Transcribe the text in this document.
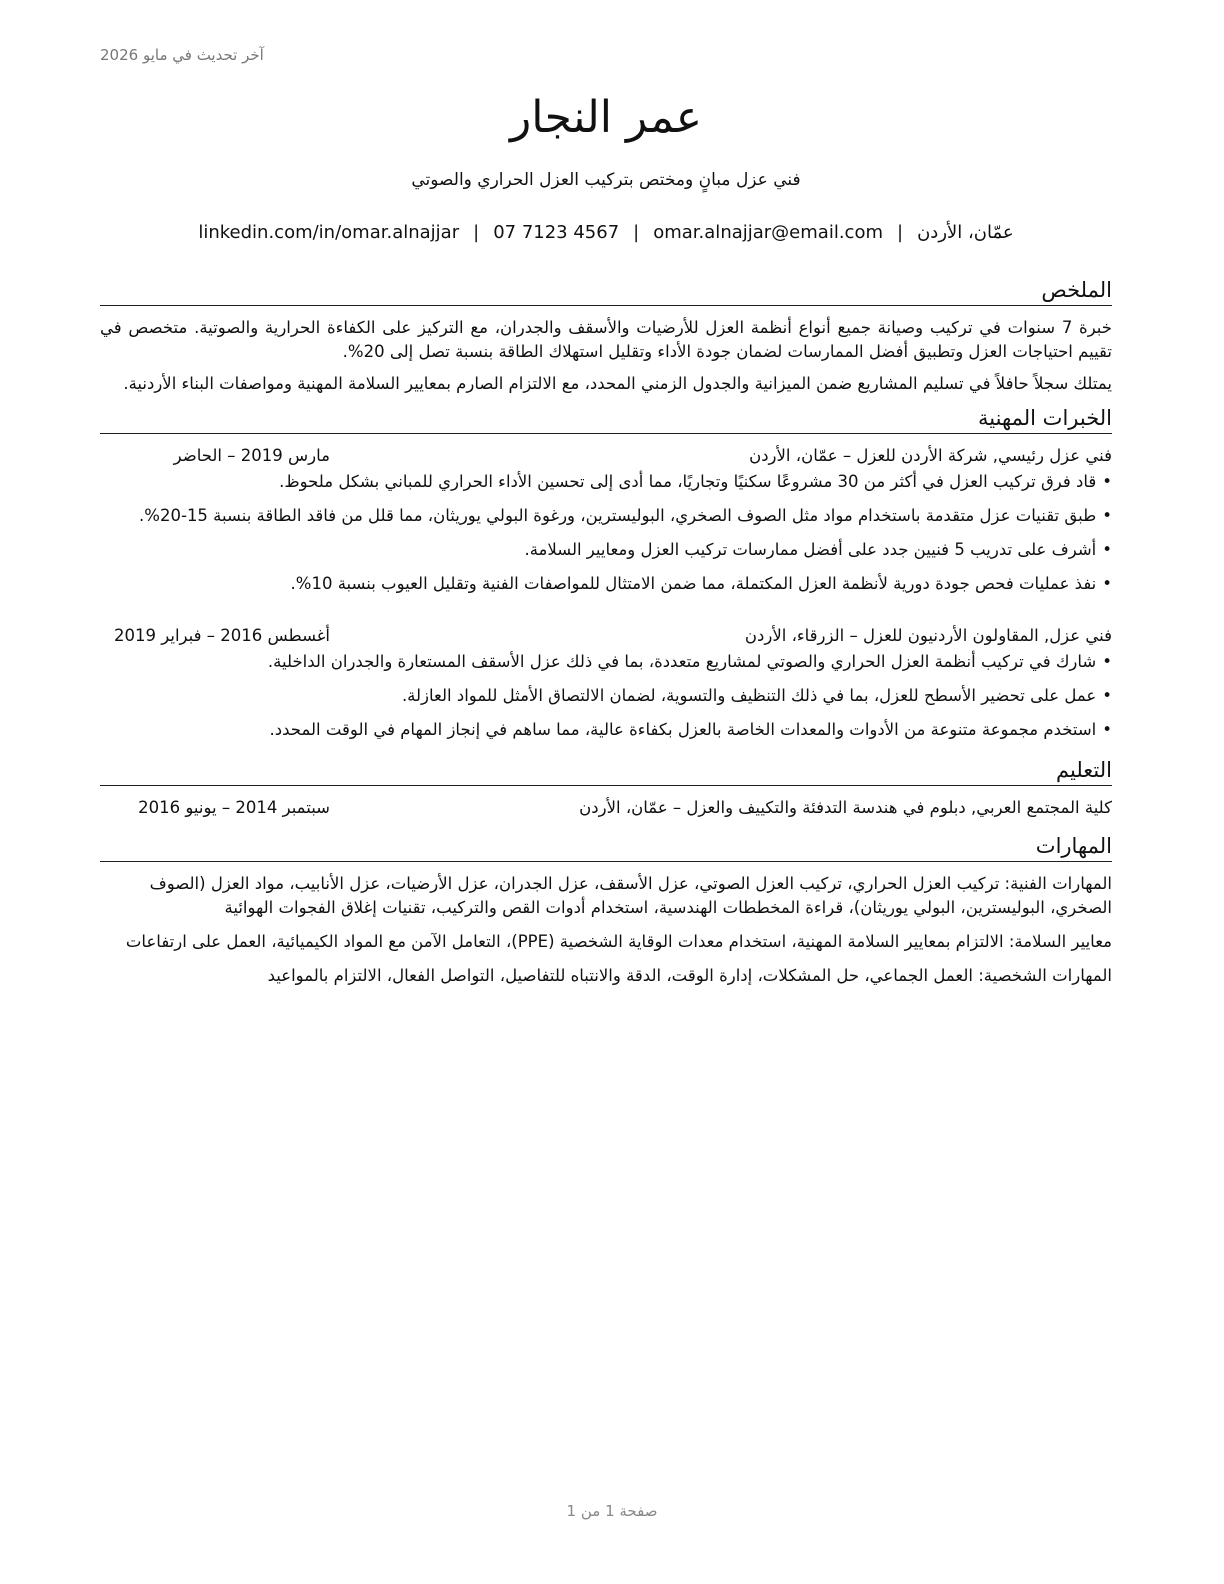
آخر تحديث في مايو 2026
عمر النجار
فني عزل مبانٍ ومختص بتركيب العزل الحراري والصوتي
عمّان، الأردن|omar.alnajjar@email.com|07 7123 4567|linkedin.com/in/omar.alnajjar
الملخص

خبرة 7 سنوات في تركيب وصيانة جميع أنواع أنظمة العزل للأرضيات والأسقف والجدران، مع التركيز على الكفاءة الحرارية والصوتية. متخصص في تقييم احتياجات العزل وتطبيق أفضل الممارسات لضمان جودة الأداء وتقليل استهلاك الطاقة بنسبة تصل إلى 20%.

يمتلك سجلاً حافلاً في تسليم المشاريع ضمن الميزانية والجدول الزمني المحدد، مع الالتزام الصارم بمعايير السلامة المهنية ومواصفات البناء الأردنية.

الخبرات المهنية
فني عزل رئيسي, شركة الأردن للعزل – عمّان، الأردن
مارس 2019 – الحاضر
•قاد فرق تركيب العزل في أكثر من 30 مشروعًا سكنيًا وتجاريًا، مما أدى إلى تحسين الأداء الحراري للمباني بشكل ملحوظ.
•طبق تقنيات عزل متقدمة باستخدام مواد مثل الصوف الصخري، البوليسترين، ورغوة البولي يوريثان، مما قلل من فاقد الطاقة بنسبة 15-20%.
•أشرف على تدريب 5 فنيين جدد على أفضل ممارسات تركيب العزل ومعايير السلامة.
•نفذ عمليات فحص جودة دورية لأنظمة العزل المكتملة، مما ضمن الامتثال للمواصفات الفنية وتقليل العيوب بنسبة 10%.
فني عزل, المقاولون الأردنيون للعزل – الزرقاء، الأردن
أغسطس 2016 – فبراير 2019
•شارك في تركيب أنظمة العزل الحراري والصوتي لمشاريع متعددة، بما في ذلك عزل الأسقف المستعارة والجدران الداخلية.
•عمل على تحضير الأسطح للعزل، بما في ذلك التنظيف والتسوية، لضمان الالتصاق الأمثل للمواد العازلة.
•استخدم مجموعة متنوعة من الأدوات والمعدات الخاصة بالعزل بكفاءة عالية، مما ساهم في إنجاز المهام في الوقت المحدد.
التعليم
كلية المجتمع العربي, دبلوم في هندسة التدفئة والتكييف والعزل – عمّان، الأردن
سبتمبر 2014 – يونيو 2016
المهارات

المهارات الفنية: تركيب العزل الحراري، تركيب العزل الصوتي، عزل الأسقف، عزل الجدران، عزل الأرضيات، عزل الأنابيب، مواد العزل (الصوف الصخري، البوليسترين، البولي يوريثان)، قراءة المخططات الهندسية، استخدام أدوات القص والتركيب، تقنيات إغلاق الفجوات الهوائية

معايير السلامة: الالتزام بمعايير السلامة المهنية، استخدام معدات الوقاية الشخصية (PPE)، التعامل الآمن مع المواد الكيميائية، العمل على ارتفاعات

المهارات الشخصية: العمل الجماعي، حل المشكلات، إدارة الوقت، الدقة والانتباه للتفاصيل، التواصل الفعال، الالتزام بالمواعيد

صفحة 1 من 1
